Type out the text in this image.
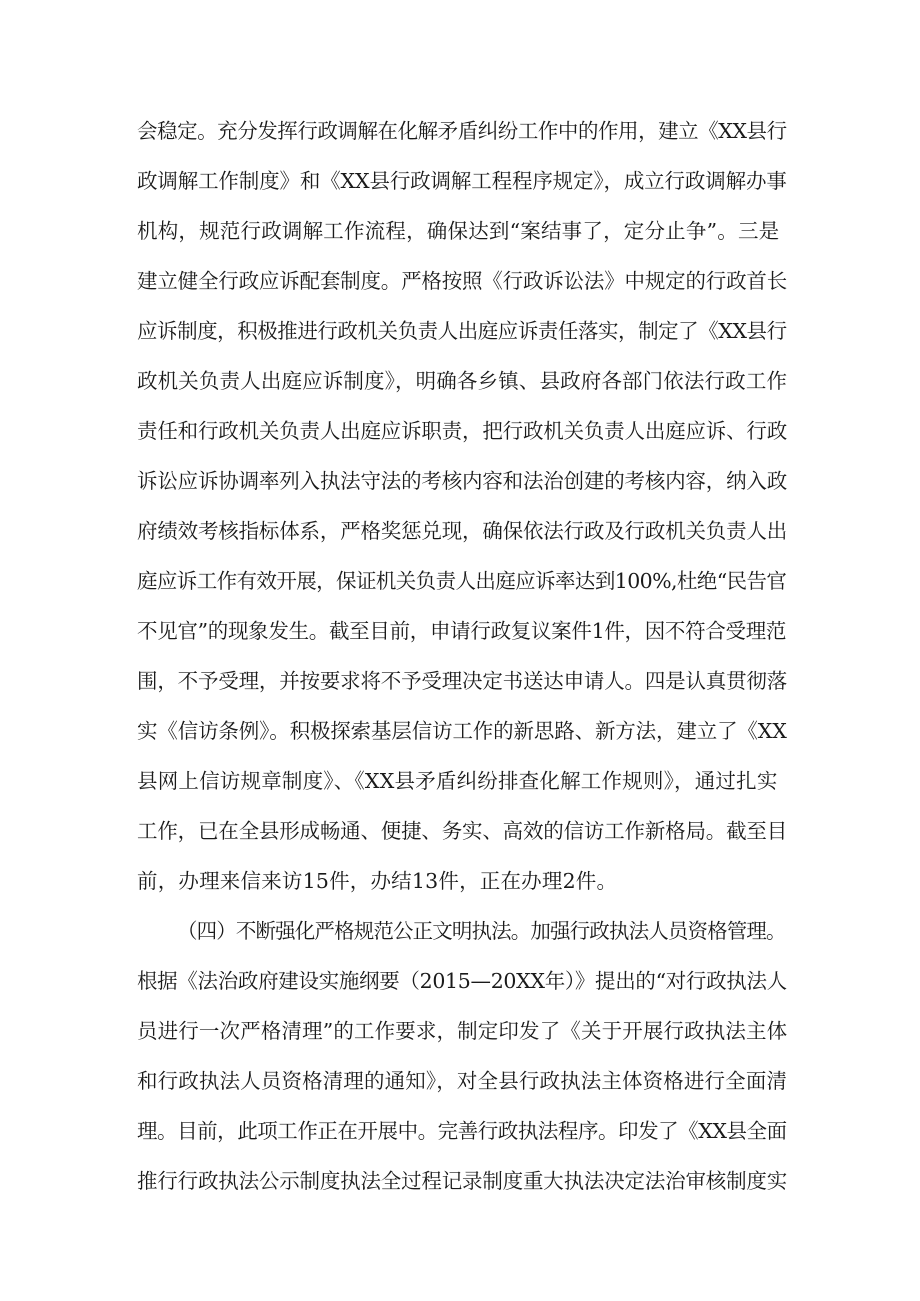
会稳定。充分发挥行政调解在化解矛盾纠纷工作中的作用，建立《XX县行
政调解工作制度》和《XX县行政调解工程程序规定》，成立行政调解办事
机构，规范行政调解工作流程，确保达到“案结事了，定分止争”。三是
建立健全行政应诉配套制度。严格按照《行政诉讼法》中规定的行政首长
应诉制度，积极推进行政机关负责人出庭应诉责任落实，制定了《XX县行
政机关负责人出庭应诉制度》，明确各乡镇、县政府各部门依法行政工作
责任和行政机关负责人出庭应诉职责，把行政机关负责人出庭应诉、行政
诉讼应诉协调率列入执法守法的考核内容和法治创建的考核内容，纳入政
府绩效考核指标体系，严格奖惩兑现，确保依法行政及行政机关负责人出
庭应诉工作有效开展，保证机关负责人出庭应诉率达到100%,杜绝“民告官
不见官”的现象发生。截至目前，申请行政复议案件1件，因不符合受理范
围，不予受理，并按要求将不予受理决定书送达申请人。四是认真贯彻落
实《信访条例》。积极探索基层信访工作的新思路、新方法，建立了《XX
县网上信访规章制度》、《XX县矛盾纠纷排查化解工作规则》，通过扎实
工作，已在全县形成畅通、便捷、务实、高效的信访工作新格局。截至目
前，办理来信来访15件，办结13件，正在办理2件。
（四）不断强化严格规范公正文明执法。加强行政执法人员资格管理。
根据《法治政府建设实施纲要（2015—20XX年）》提出的“对行政执法人
员进行一次严格清理”的工作要求，制定印发了《关于开展行政执法主体
和行政执法人员资格清理的通知》，对全县行政执法主体资格进行全面清
理。目前，此项工作正在开展中。完善行政执法程序。印发了《XX县全面
推行行政执法公示制度执法全过程记录制度重大执法决定法治审核制度实
